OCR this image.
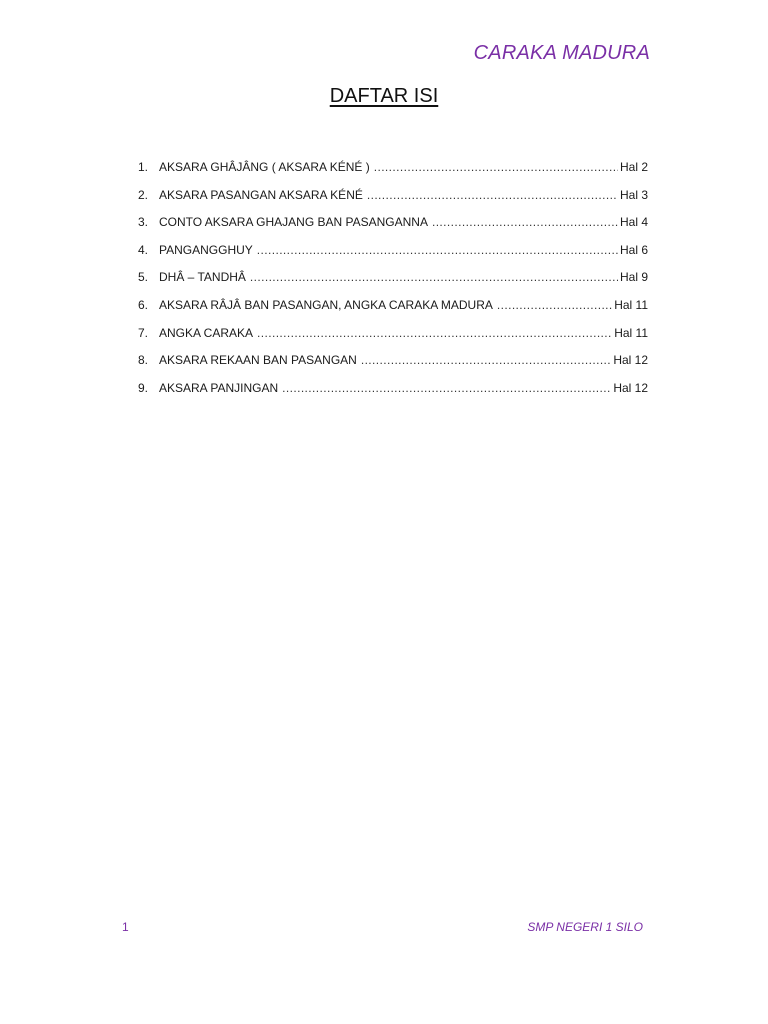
CARAKA MADURA
DAFTAR ISI
1. AKSARA GHÂJÂNG ( AKSARA KÉNÉ ) .....	Hal 2
2. AKSARA PASANGAN AKSARA KÉNÉ .....	Hal 3
3. CONTO AKSARA GHAJANG BAN PASANGANNA .....	Hal 4
4. PANGANGGHUY .....	Hal 6
5. DHÂ – TANDHÂ .....	Hal 9
6. AKSARA RÂJÂ BAN PASANGAN, ANGKA CARAKA MADURA .....	Hal 11
7. ANGKA CARAKA .....	Hal 11
8. AKSARA REKAAN BAN PASANGAN .....	Hal 12
9. AKSARA PANJINGAN .....	Hal 12
1	SMP NEGERI 1 SILO
